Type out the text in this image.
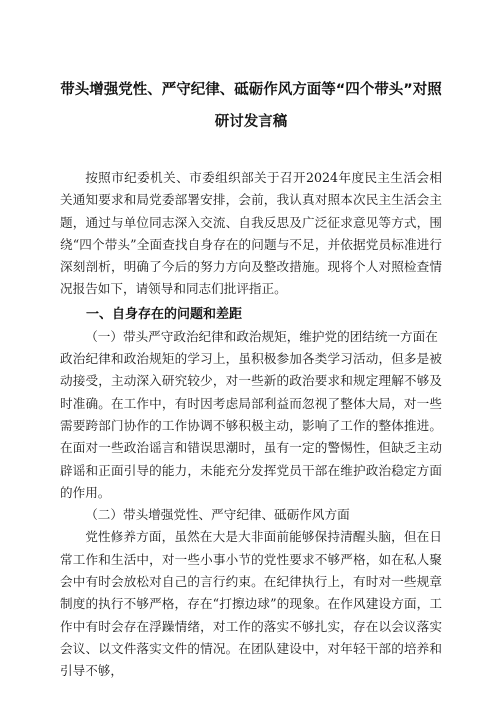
带头增强党性、严守纪律、砥砺作风方面等“四个带头”对照
研讨发言稿

按照市纪委机关、市委组织部关于召开2024年度民主生活会相关通知要求和局党委部署安排，会前，我认真对照本次民主生活会主题，通过与单位同志深入交流、自我反思及广泛征求意见等方式，围绕“四个带头”全面查找自身存在的问题与不足，并依据党员标准进行深刻剖析，明确了今后的努力方向及整改措施。现将个人对照检查情况报告如下，请领导和同志们批评指正。

一、自身存在的问题和差距

（一）带头严守政治纪律和政治规矩，维护党的团结统一方面在

政治纪律和政治规矩的学习上，虽积极参加各类学习活动，但多是被动接受，主动深入研究较少，对一些新的政治要求和规定理解不够及时准确。在工作中，有时因考虑局部利益而忽视了整体大局，对一些需要跨部门协作的工作协调不够积极主动，影响了工作的整体推进。在面对一些政治谣言和错误思潮时，虽有一定的警惕性，但缺乏主动辟谣和正面引导的能力，未能充分发挥党员干部在维护政治稳定方面的作用。

（二）带头增强党性、严守纪律、砥砺作风方面

党性修养方面，虽然在大是大非面前能够保持清醒头脑，但在日常工作和生活中，对一些小事小节的党性要求不够严格，如在私人聚会中有时会放松对自己的言行约束。在纪律执行上，有时对一些规章制度的执行不够严格，存在“打擦边球”的现象。在作风建设方面，工作中有时会存在浮躁情绪，对工作的落实不够扎实，存在以会议落实会议、以文件落实文件的情况。在团队建设中，对年轻干部的培养和引导不够，
